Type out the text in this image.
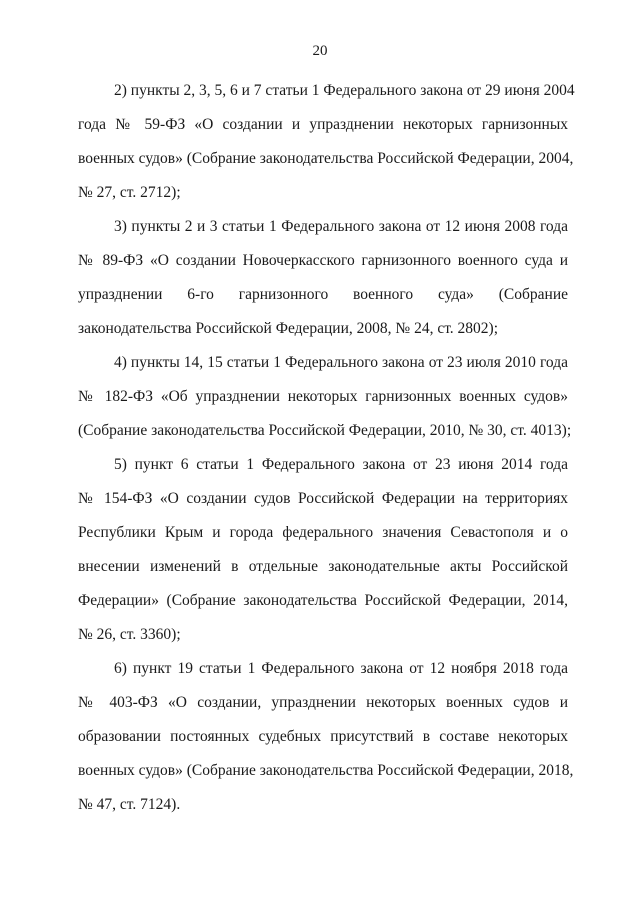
20
2) пункты 2, 3, 5, 6 и 7 статьи 1 Федерального закона от 29 июня 2004
года № 59-ФЗ «О создании и упразднении некоторых гарнизонных
военных судов» (Собрание законодательства Российской Федерации, 2004,
№ 27, ст. 2712);
3) пункты 2 и 3 статьи 1 Федерального закона от 12 июня 2008 года
№ 89-ФЗ «О создании Новочеркасского гарнизонного военного суда и
упразднении 6-го гарнизонного военного суда» (Собрание
законодательства Российской Федерации, 2008, № 24, ст. 2802);
4) пункты 14, 15 статьи 1 Федерального закона от 23 июля 2010 года
№ 182-ФЗ «Об упразднении некоторых гарнизонных военных судов»
(Собрание законодательства Российской Федерации, 2010, № 30, ст. 4013);
5) пункт 6 статьи 1 Федерального закона от 23 июня 2014 года
№ 154-ФЗ «О создании судов Российской Федерации на территориях
Республики Крым и города федерального значения Севастополя и о
внесении изменений в отдельные законодательные акты Российской
Федерации» (Собрание законодательства Российской Федерации, 2014,
№ 26, ст. 3360);
6) пункт 19 статьи 1 Федерального закона от 12 ноября 2018 года
№ 403-ФЗ «О создании, упразднении некоторых военных судов и
образовании постоянных судебных присутствий в составе некоторых
военных судов» (Собрание законодательства Российской Федерации, 2018,
№ 47, ст. 7124).
